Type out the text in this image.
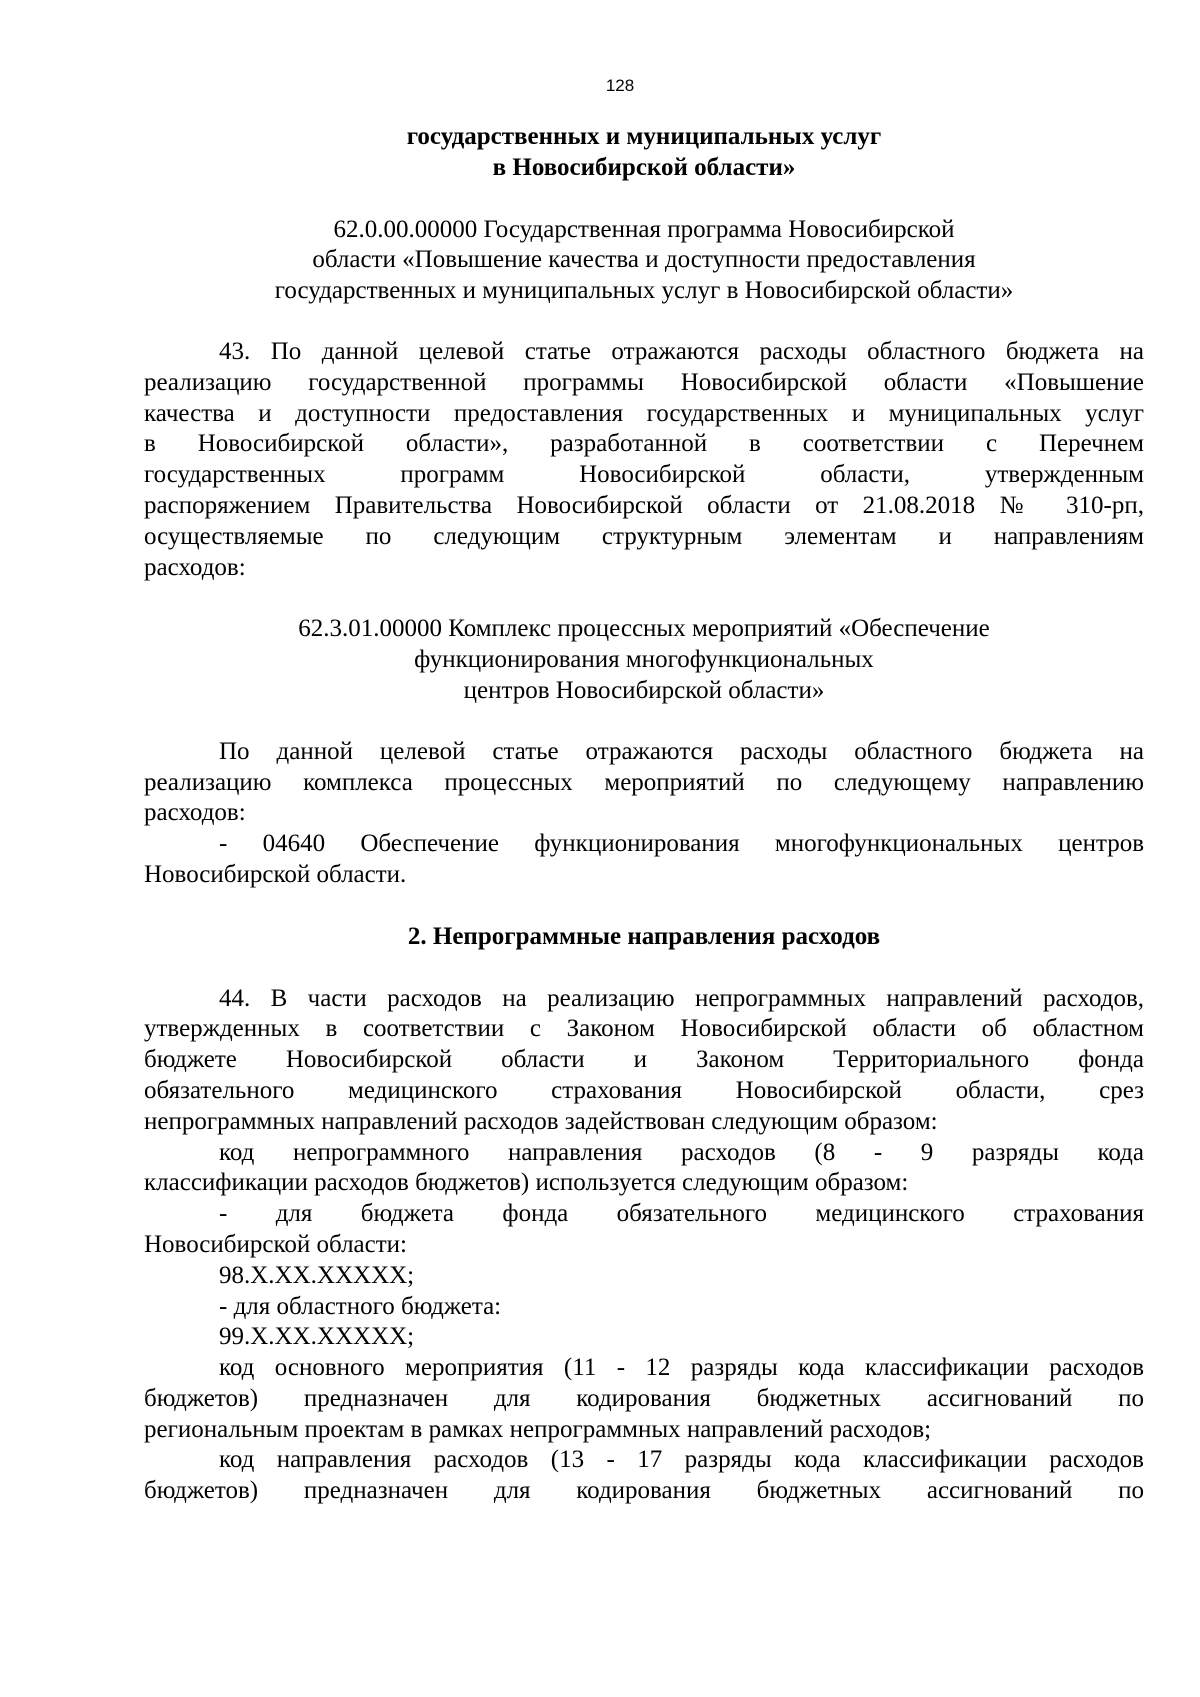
128
государственных и муниципальных услуг
в Новосибирской области»
62.0.00.00000 Государственная программа Новосибирской
области «Повышение качества и доступности предоставления
государственных и муниципальных услуг в Новосибирской области»
43. По данной целевой статье отражаются расходы областного бюджета на
реализацию государственной программы Новосибирской области «Повышение
качества и доступности предоставления государственных и муниципальных услуг
в Новосибирской области», разработанной в соответствии с Перечнем
государственных программ Новосибирской области, утвержденным
распоряжением Правительства Новосибирской области от 21.08.2018 № 310-рп,
осуществляемые по следующим структурным элементам и направлениям
расходов:
62.3.01.00000 Комплекс процессных мероприятий «Обеспечение
функционирования многофункциональных
центров Новосибирской области»
По данной целевой статье отражаются расходы областного бюджета на
реализацию комплекса процессных мероприятий по следующему направлению
расходов:
- 04640 Обеспечение функционирования многофункциональных центров
Новосибирской области.
2. Непрограммные направления расходов
44. В части расходов на реализацию непрограммных направлений расходов,
утвержденных в соответствии с Законом Новосибирской области об областном
бюджете Новосибирской области и Законом Территориального фонда
обязательного медицинского страхования Новосибирской области, срез
непрограммных направлений расходов задействован следующим образом:
код непрограммного направления расходов (8 - 9 разряды кода
классификации расходов бюджетов) используется следующим образом:
- для бюджета фонда обязательного медицинского страхования
Новосибирской области:
98.X.XX.XXXXX;
- для областного бюджета:
99.X.XX.XXXXX;
код основного мероприятия (11 - 12 разряды кода классификации расходов
бюджетов) предназначен для кодирования бюджетных ассигнований по
региональным проектам в рамках непрограммных направлений расходов;
код направления расходов (13 - 17 разряды кода классификации расходов
бюджетов) предназначен для кодирования бюджетных ассигнований по
